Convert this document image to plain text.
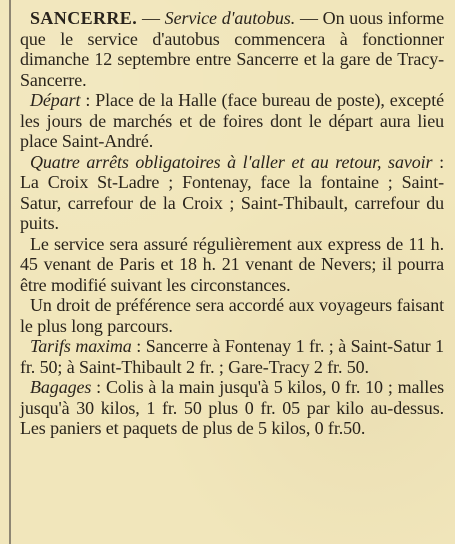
SANCERRE. — Service d'autobus. — On uous informe que le service d'autobus commencera à fonctionner dimanche 12 septembre entre Sancerre et la gare de Tracy-Sancerre.

Départ : Place de la Halle (face bureau de poste), excepté les jours de marchés et de foires dont le départ aura lieu place Saint-André.

Quatre arrêts obligatoires à l'aller et au retour, savoir : La Croix St-Ladre ; Fontenay, face la fontaine ; Saint-Satur, carrefour de la Croix ; Saint-Thibault, carrefour du puits.

Le service sera assuré régulièrement aux express de 11 h. 45 venant de Paris et 18 h. 21 venant de Nevers; il pourra être modifié suivant les circonstances.

Un droit de préférence sera accordé aux voyageurs faisant le plus long parcours.

Tarifs maxima : Sancerre à Fontenay 1 fr. ; à Saint-Satur 1 fr. 50; à Saint-Thibault 2 fr. ; Gare-Tracy 2 fr. 50.

Bagages : Colis à la main jusqu'à 5 kilos, 0 fr. 10 ; malles jusqu'à 30 kilos, 1 fr. 50 plus 0 fr. 05 par kilo au-dessus. Les paniers et paquets de plus de 5 kilos, 0 fr.50.
